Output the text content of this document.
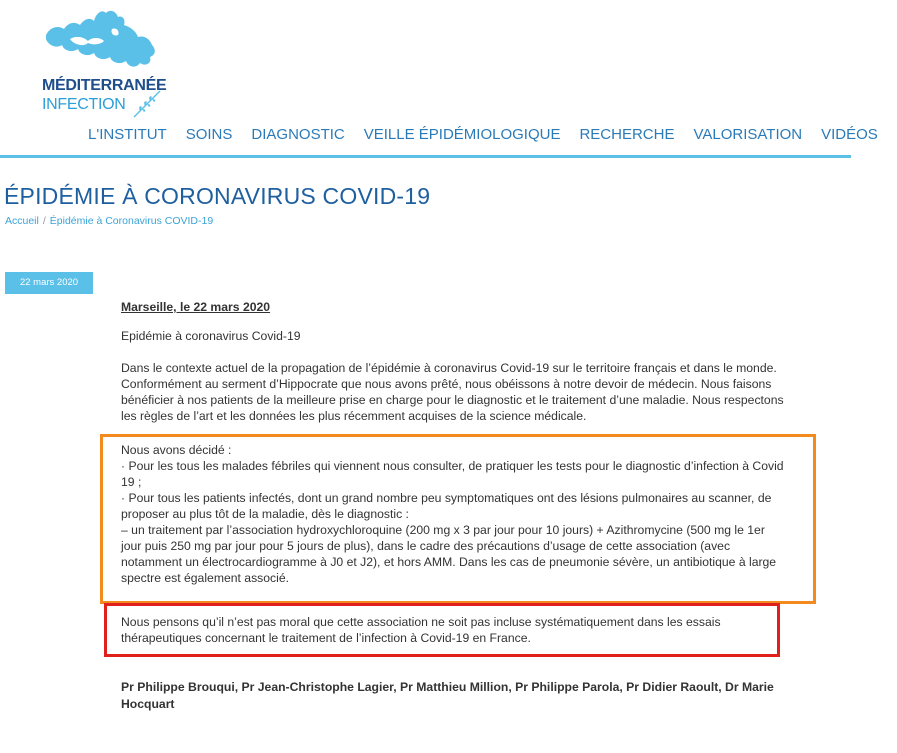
MÉDITERRANÉE
INFECTION
L'INSTITUT SOINS DIAGNOSTIC VEILLE ÉPIDÉMIOLOGIQUE RECHERCHE VALORISATION VIDÉOS
ÉPIDÉMIE À CORONAVIRUS COVID-19
Accueil / Épidémie à Coronavirus COVID-19
22 mars 2020
Marseille, le 22 mars 2020
Epidémie à coronavirus Covid-19
Dans le contexte actuel de la propagation de l’épidémie à coronavirus Covid-19 sur le territoire français et dans le monde.
Conformément au serment d’Hippocrate que nous avons prêté, nous obéissons à notre devoir de médecin. Nous faisons
bénéficier à nos patients de la meilleure prise en charge pour le diagnostic et le traitement d’une maladie. Nous respectons
les règles de l’art et les données les plus récemment acquises de la science médicale.
Nous avons décidé :
· Pour les tous les malades fébriles qui viennent nous consulter, de pratiquer les tests pour le diagnostic d’infection à Covid
19 ;
· Pour tous les patients infectés, dont un grand nombre peu symptomatiques ont des lésions pulmonaires au scanner, de
proposer au plus tôt de la maladie, dès le diagnostic :
– un traitement par l’association hydroxychloroquine (200 mg x 3 par jour pour 10 jours) + Azithromycine (500 mg le 1er
jour puis 250 mg par jour pour 5 jours de plus), dans le cadre des précautions d’usage de cette association (avec
notamment un électrocardiogramme à J0 et J2), et hors AMM. Dans les cas de pneumonie sévère, un antibiotique à large
spectre est également associé.
Nous pensons qu’il n’est pas moral que cette association ne soit pas incluse systématiquement dans les essais
thérapeutiques concernant le traitement de l’infection à Covid-19 en France.
Pr Philippe Brouqui, Pr Jean-Christophe Lagier, Pr Matthieu Million, Pr Philippe Parola, Pr Didier Raoult, Dr Marie
Hocquart
